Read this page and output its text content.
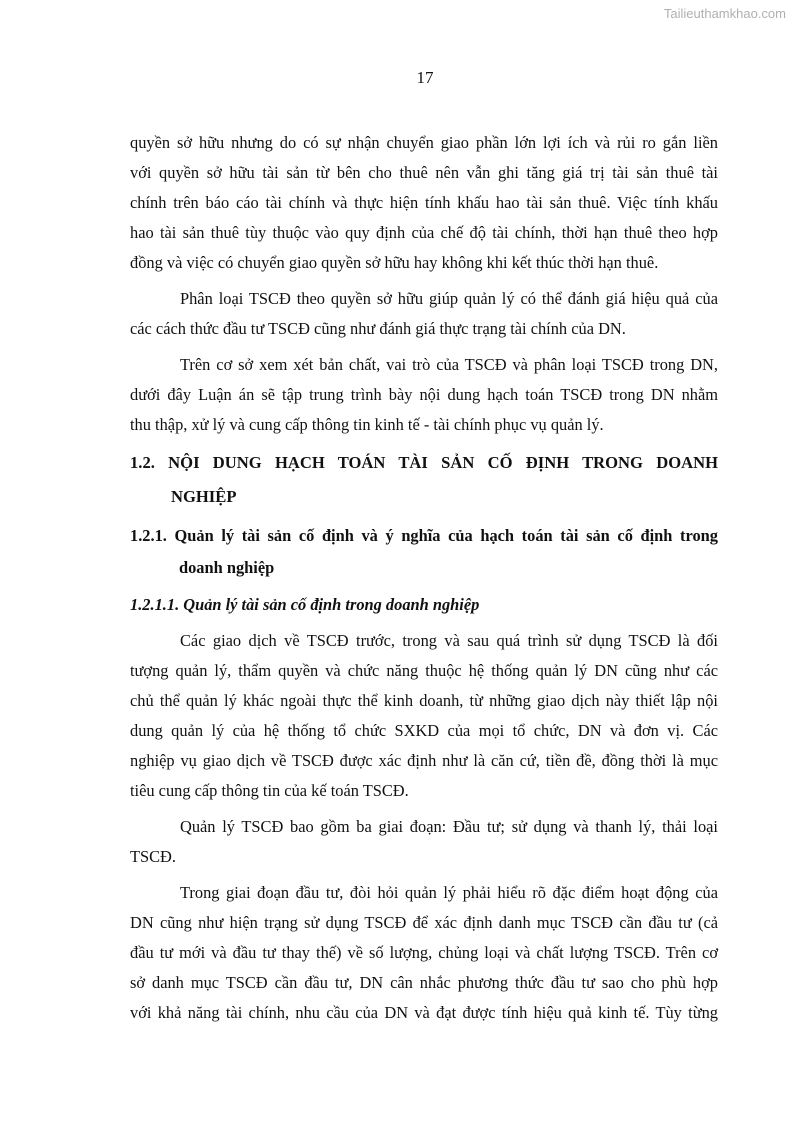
Tailieuthamkhao.com
17
quyền sở hữu nhưng do có sự nhận chuyển giao phần lớn lợi ích và rủi ro gắn liền
với quyền sở hữu tài sản từ bên cho thuê nên vẫn ghi tăng giá trị tài sản thuê tài
chính trên báo cáo tài chính và thực hiện tính khấu hao tài sản thuê. Việc tính khấu
hao tài sản thuê tùy thuộc vào quy định của chế độ tài chính, thời hạn thuê theo hợp
đồng và việc có chuyển giao quyền sở hữu hay không khi kết thúc thời hạn thuê.
Phân loại TSCĐ theo quyền sở hữu giúp quản lý có thể đánh giá hiệu quả của
các cách thức đầu tư TSCĐ cũng như đánh giá thực trạng tài chính của DN.
Trên cơ sở xem xét bản chất, vai trò của TSCĐ và phân loại TSCĐ trong DN,
dưới đây Luận án sẽ tập trung trình bày nội dung hạch toán TSCĐ trong DN nhằm
thu thập, xử lý và cung cấp thông tin kinh tế - tài chính phục vụ quản lý.
1.2. NỘI DUNG HẠCH TOÁN TÀI SẢN CỐ ĐỊNH TRONG DOANH
NGHIỆP
1.2.1. Quản lý tài sản cố định và ý nghĩa của hạch toán tài sản cố định trong
doanh nghiệp
1.2.1.1. Quản lý tài sản cố định trong doanh nghiệp
Các giao dịch về TSCĐ trước, trong và sau quá trình sử dụng TSCĐ là đối
tượng quản lý, thẩm quyền và chức năng thuộc hệ thống quản lý DN cũng như các
chủ thể quản lý khác ngoài thực thể kinh doanh, từ những giao dịch này thiết lập nội
dung quản lý của hệ thống tổ chức SXKD của mọi tổ chức, DN và đơn vị. Các
nghiệp vụ giao dịch về TSCĐ được xác định như là căn cứ, tiền đề, đồng thời là mục
tiêu cung cấp thông tin của kế toán TSCĐ.
Quản lý TSCĐ bao gồm ba giai đoạn: Đầu tư; sử dụng và thanh lý, thải loại
TSCĐ.
Trong giai đoạn đầu tư, đòi hỏi quản lý phải hiểu rõ đặc điểm hoạt động của
DN cũng như hiện trạng sử dụng TSCĐ để xác định danh mục TSCĐ cần đầu tư (cả
đầu tư mới và đầu tư thay thế) về số lượng, chủng loại và chất lượng TSCĐ. Trên cơ
sở danh mục TSCĐ cần đầu tư, DN cân nhắc phương thức đầu tư sao cho phù hợp
với khả năng tài chính, nhu cầu của DN và đạt được tính hiệu quả kinh tế. Tùy từng
